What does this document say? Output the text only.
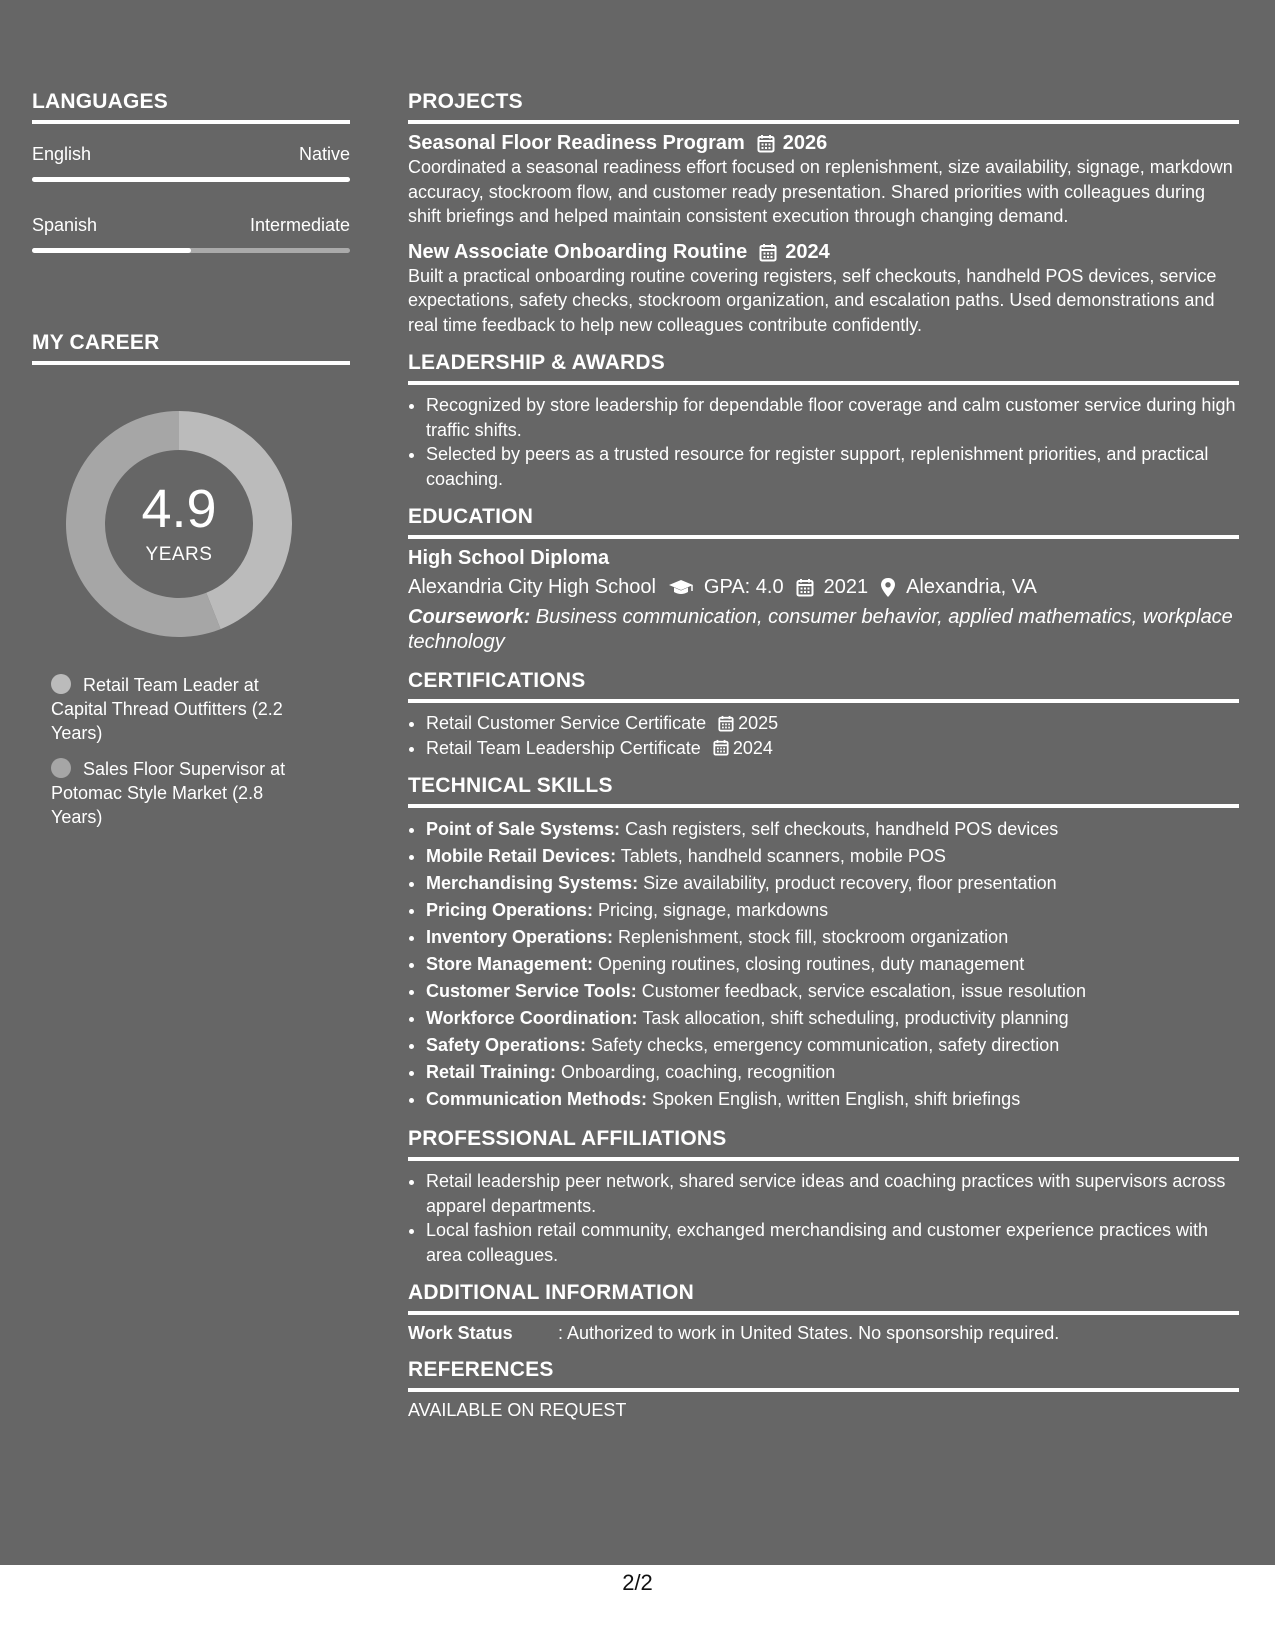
LANGUAGES
English	Native
Spanish	Intermediate
MY CAREER
4.9
YEARS
Retail Team Leader at Capital Thread Outfitters (2.2 Years)
Sales Floor Supervisor at Potomac Style Market (2.8 Years)
PROJECTS
Seasonal Floor Readiness Program 2026
Coordinated a seasonal readiness effort focused on replenishment, size availability, signage, markdown accuracy, stockroom flow, and customer ready presentation. Shared priorities with colleagues during shift briefings and helped maintain consistent execution through changing demand.
New Associate Onboarding Routine 2024
Built a practical onboarding routine covering registers, self checkouts, handheld POS devices, service expectations, safety checks, stockroom organization, and escalation paths. Used demonstrations and real time feedback to help new colleagues contribute confidently.
LEADERSHIP & AWARDS
• Recognized by store leadership for dependable floor coverage and calm customer service during high traffic shifts.
• Selected by peers as a trusted resource for register support, replenishment priorities, and practical coaching.
EDUCATION
High School Diploma
Alexandria City High School GPA: 4.0 2021 Alexandria, VA
Coursework: Business communication, consumer behavior, applied mathematics, workplace technology
CERTIFICATIONS
• Retail Customer Service Certificate 2025
• Retail Team Leadership Certificate 2024
TECHNICAL SKILLS
• Point of Sale Systems: Cash registers, self checkouts, handheld POS devices
• Mobile Retail Devices: Tablets, handheld scanners, mobile POS
• Merchandising Systems: Size availability, product recovery, floor presentation
• Pricing Operations: Pricing, signage, markdowns
• Inventory Operations: Replenishment, stock fill, stockroom organization
• Store Management: Opening routines, closing routines, duty management
• Customer Service Tools: Customer feedback, service escalation, issue resolution
• Workforce Coordination: Task allocation, shift scheduling, productivity planning
• Safety Operations: Safety checks, emergency communication, safety direction
• Retail Training: Onboarding, coaching, recognition
• Communication Methods: Spoken English, written English, shift briefings
PROFESSIONAL AFFILIATIONS
• Retail leadership peer network, shared service ideas and coaching practices with supervisors across apparel departments.
• Local fashion retail community, exchanged merchandising and customer experience practices with area colleagues.
ADDITIONAL INFORMATION
Work Status	: Authorized to work in United States. No sponsorship required.
REFERENCES
AVAILABLE ON REQUEST
2/2
